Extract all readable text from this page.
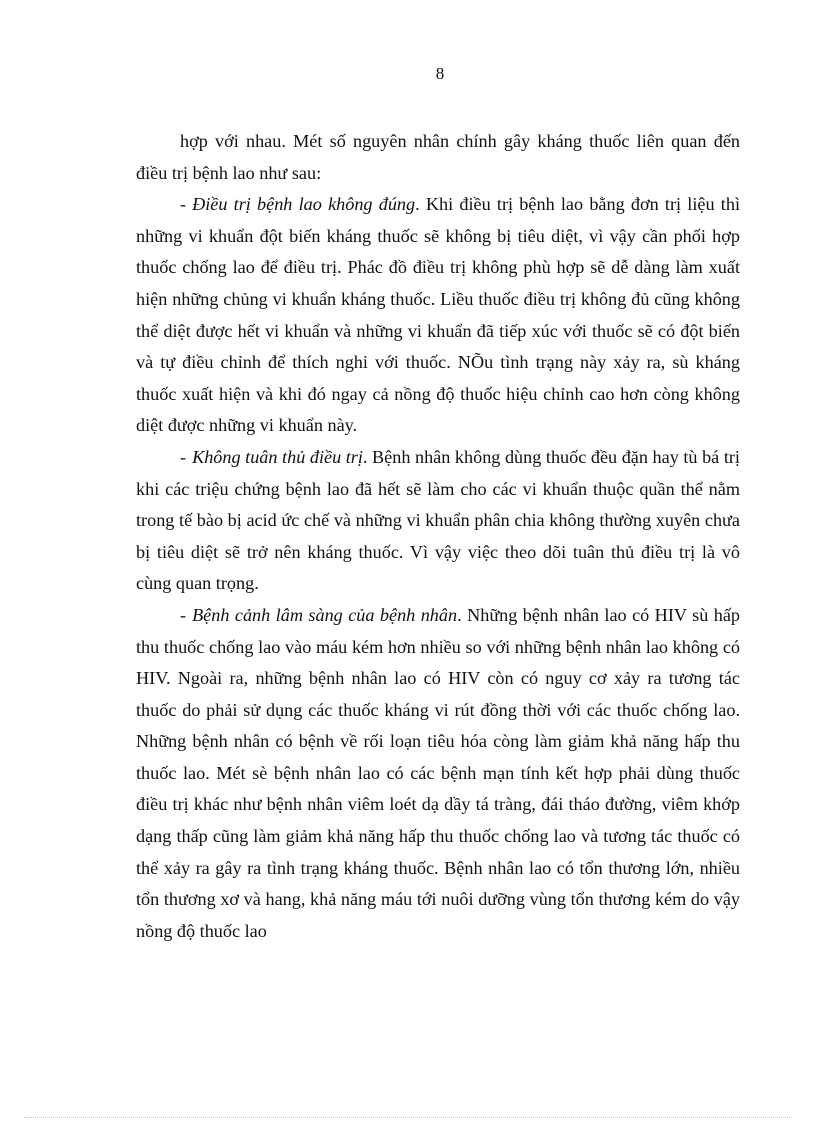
8

hợp với nhau. Mét số nguyên nhân chính gây kháng thuốc liên quan đến điều trị bệnh lao như sau:

- Điều trị bệnh lao không đúng. Khi điều trị bệnh lao bằng đơn trị liệu thì những vi khuẩn đột biến kháng thuốc sẽ không bị tiêu diệt, vì vậy cần phối hợp thuốc chống lao để điều trị. Phác đồ điều trị không phù hợp sẽ dễ dàng làm xuất hiện những chủng vi khuẩn kháng thuốc. Liều thuốc điều trị không đủ cũng không thể diệt được hết vi khuẩn và những vi khuẩn đã tiếp xúc với thuốc sẽ có đột biến và tự điều chỉnh để thích nghi với thuốc. NÕu tình trạng này xảy ra, sù kháng thuốc xuất hiện và khi đó ngay cả nồng độ thuốc hiệu chỉnh cao hơn còng không diệt được những vi khuẩn này.

- Không tuân thủ điều trị. Bệnh nhân không dùng thuốc đều đặn hay tù bá trị khi các triệu chứng bệnh lao đã hết sẽ làm cho các vi khuẩn thuộc quần thể nằm trong tế bào bị acid ức chế và những vi khuẩn phân chia không thường xuyên chưa bị tiêu diệt sẽ trở nên kháng thuốc. Vì vậy việc theo dõi tuân thủ điều trị là vô cùng quan trọng.

- Bệnh cảnh lâm sàng của bệnh nhân. Những bệnh nhân lao có HIV sù hấp thu thuốc chống lao vào máu kém hơn nhiều so với những bệnh nhân lao không có HIV. Ngoài ra, những bệnh nhân lao có HIV còn có nguy cơ xảy ra tương tác thuốc do phải sử dụng các thuốc kháng vi rút đồng thời với các thuốc chống lao. Những bệnh nhân có bệnh về rối loạn tiêu hóa còng làm giảm khả năng hấp thu thuốc lao. Mét sè bệnh nhân lao có các bệnh mạn tính kết hợp phải dùng thuốc điều trị khác như bệnh nhân viêm loét dạ dầy tá tràng, đái tháo đường, viêm khớp dạng thấp cũng làm giảm khả năng hấp thu thuốc chống lao và tương tác thuốc có thể xảy ra gây ra tình trạng kháng thuốc. Bệnh nhân lao có tổn thương lớn, nhiều tổn thương xơ và hang, khả năng máu tới nuôi dưỡng vùng tổn thương kém do vậy nồng độ thuốc lao
